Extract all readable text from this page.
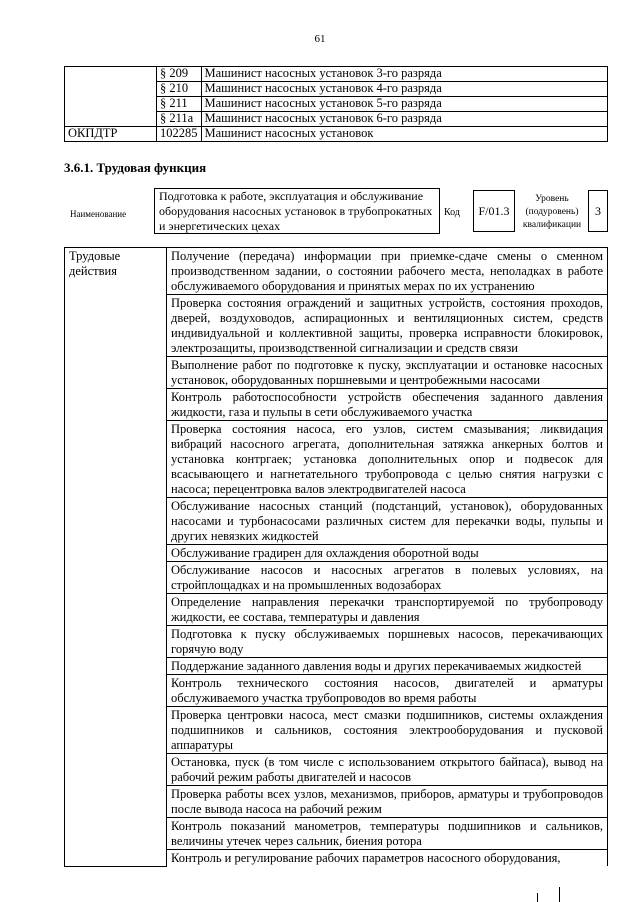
61
	§ 209	Машинист насосных установок 3-го разряда
	§ 210	Машинист насосных установок 4-го разряда
	§ 211	Машинист насосных установок 5-го разряда
	§ 211а	Машинист насосных установок 6-го разряда
ОКПДТР	102285	Машинист насосных установок
3.6.1. Трудовая функция
Наименование
Подготовка к работе, эксплуатация и обслуживание оборудования насосных установок в трубопрокатных и энергетических цехах
Код	F/01.3
Уровень (подуровень) квалификации
3
Трудовые действия	Получение (передача) информации при приемке-сдаче смены о сменном производственном задании, о состоянии рабочего места, неполадках в работе обслуживаемого оборудования и принятых мерах по их устранению
Проверка состояния ограждений и защитных устройств, состояния проходов, дверей, воздуховодов, аспирационных и вентиляционных систем, средств индивидуальной и коллективной защиты, проверка исправности блокировок, электрозащиты, производственной сигнализации и средств связи
Выполнение работ по подготовке к пуску, эксплуатации и остановке насосных установок, оборудованных поршневыми и центробежными насосами
Контроль работоспособности устройств обеспечения заданного давления жидкости, газа и пульпы в сети обслуживаемого участка
Проверка состояния насоса, его узлов, систем смазывания; ликвидация вибраций насосного агрегата, дополнительная затяжка анкерных болтов и установка контргаек; установка дополнительных опор и подвесок для всасывающего и нагнетательного трубопровода с целью снятия нагрузки с насоса; перецентровка валов электродвигателей насоса
Обслуживание насосных станций (подстанций, установок), оборудованных насосами и турбонасосами различных систем для перекачки воды, пульпы и других невязких жидкостей
Обслуживание градирен для охлаждения оборотной воды
Обслуживание насосов и насосных агрегатов в полевых условиях, на стройплощадках и на промышленных водозаборах
Определение направления перекачки транспортируемой по трубопроводу жидкости, ее состава, температуры и давления
Подготовка к пуску обслуживаемых поршневых насосов, перекачивающих горячую воду
Поддержание заданного давления воды и других перекачиваемых жидкостей
Контроль технического состояния насосов, двигателей и арматуры обслуживаемого участка трубопроводов во время работы
Проверка центровки насоса, мест смазки подшипников, системы охлаждения подшипников и сальников, состояния электрооборудования и пусковой аппаратуры
Остановка, пуск (в том числе с использованием открытого байпаса), вывод на рабочий режим работы двигателей и насосов
Проверка работы всех узлов, механизмов, приборов, арматуры и трубопроводов после вывода насоса на рабочий режим
Контроль показаний манометров, температуры подшипников и сальников, величины утечек через сальник, биения ротора
Контроль и регулирование рабочих параметров насосного оборудования,
